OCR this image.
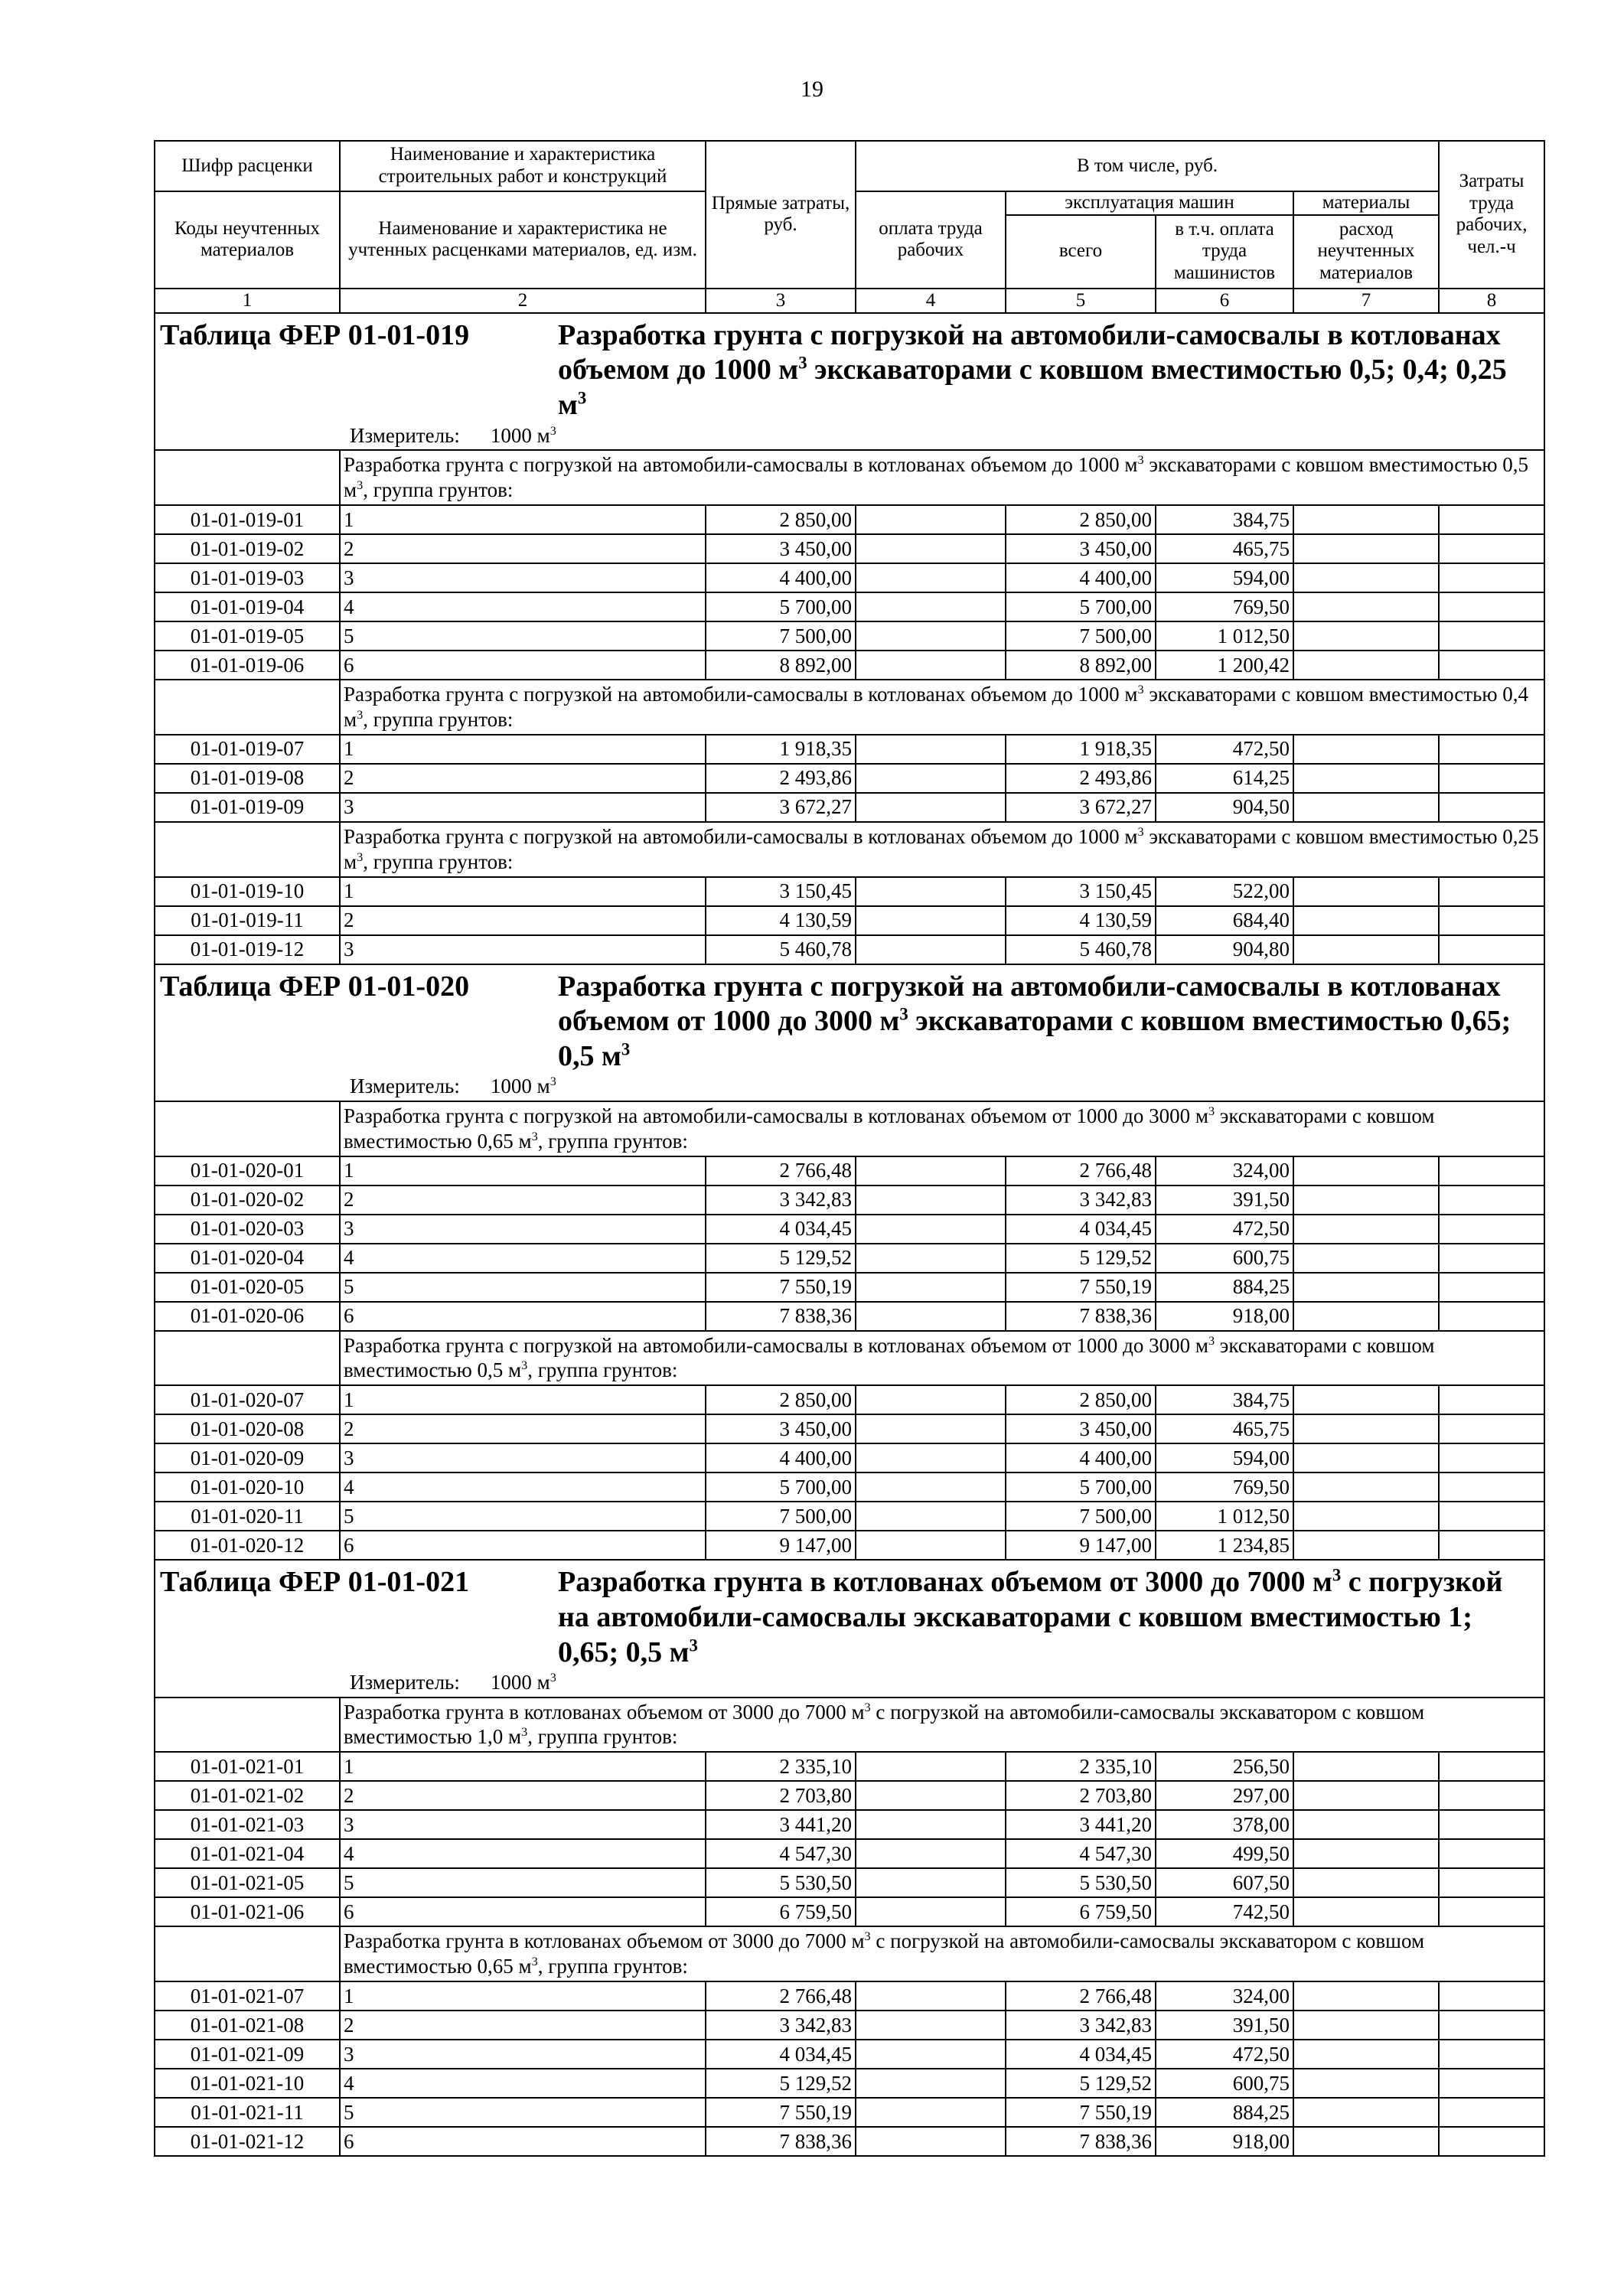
19
Шифр расценки	Наименование и характеристика строительных работ и конструкций	Прямые затраты, руб.	В том числе, руб.				Затраты труда рабочих, чел.-ч
Коды неучтенных материалов	Наименование и характеристика не учтенных расценками материалов, ед. изм.		оплата труда рабочих	эксплуатация машин		материалы	
				всего	в т.ч. оплата труда машинистов	расход неучтенных материалов	
1	2	3	4	5	6	7	8

Таблица ФЕР 01-01-019 Разработка грунта с погрузкой на автомобили-самосвалы в котлованах объемом до 1000 $м^3$ экскаваторами с ковшом вместимостью 0,5; 0,4; 0,25 $м^3$
Измеритель: 1000 $м^3$

	Разработка грунта с погрузкой на автомобили-самосвалы в котлованах объемом до 1000 $м^3$ экскаваторами с ковшом вместимостью 0,5 $м^3$, группа грунтов:						
01-01-019-01	1	2 850,00		2 850,00	384,75		
01-01-019-02	2	3 450,00		3 450,00	465,75		
01-01-019-03	3	4 400,00		4 400,00	594,00		
01-01-019-04	4	5 700,00		5 700,00	769,50		
01-01-019-05	5	7 500,00		7 500,00	1 012,50		
01-01-019-06	6	8 892,00		8 892,00	1 200,42		
	Разработка грунта с погрузкой на автомобили-самосвалы в котлованах объемом до 1000 $м^3$ экскаваторами с ковшом вместимостью 0,4 $м^3$, группа грунтов:						
01-01-019-07	1	1 918,35		1 918,35	472,50		
01-01-019-08	2	2 493,86		2 493,86	614,25		
01-01-019-09	3	3 672,27		3 672,27	904,50		
	Разработка грунта с погрузкой на автомобили-самосвалы в котлованах объемом до 1000 $м^3$ экскаваторами с ковшом вместимостью 0,25 $м^3$, группа грунтов:						
01-01-019-10	1	3 150,45		3 150,45	522,00		
01-01-019-11	2	4 130,59		4 130,59	684,40		
01-01-019-12	3	5 460,78		5 460,78	904,80		

Таблица ФЕР 01-01-020 Разработка грунта с погрузкой на автомобили-самосвалы в котлованах объемом от 1000 до 3000 $м^3$ экскаваторами с ковшом вместимостью 0,65; 0,5 $м^3$
Измеритель: 1000 $м^3$

	Разработка грунта с погрузкой на автомобили-самосвалы в котлованах объемом от 1000 до 3000 $м^3$ экскаваторами с ковшом вместимостью 0,65 $м^3$, группа грунтов:						
01-01-020-01	1	2 766,48		2 766,48	324,00		
01-01-020-02	2	3 342,83		3 342,83	391,50		
01-01-020-03	3	4 034,45		4 034,45	472,50		
01-01-020-04	4	5 129,52		5 129,52	600,75		
01-01-020-05	5	7 550,19		7 550,19	884,25		
01-01-020-06	6	7 838,36		7 838,36	918,00		
	Разработка грунта с погрузкой на автомобили-самосвалы в котлованах объемом от 1000 до 3000 $м^3$ экскаваторами с ковшом вместимостью 0,5 $м^3$, группа грунтов:						
01-01-020-07	1	2 850,00		2 850,00	384,75		
01-01-020-08	2	3 450,00		3 450,00	465,75		
01-01-020-09	3	4 400,00		4 400,00	594,00		
01-01-020-10	4	5 700,00		5 700,00	769,50		
01-01-020-11	5	7 500,00		7 500,00	1 012,50		
01-01-020-12	6	9 147,00		9 147,00	1 234,85		

Таблица ФЕР 01-01-021 Разработка грунта в котлованах объемом от 3000 до 7000 $м^3$ с погрузкой на автомобили-самосвалы экскаваторами с ковшом вместимостью 1; 0,65; 0,5 $м^3$
Измеритель: 1000 $м^3$

	Разработка грунта в котлованах объемом от 3000 до 7000 $м^3$ с погрузкой на автомобили-самосвалы экскаватором с ковшом вместимостью 1,0 $м^3$, группа грунтов:						
01-01-021-01	1	2 335,10		2 335,10	256,50		
01-01-021-02	2	2 703,80		2 703,80	297,00		
01-01-021-03	3	3 441,20		3 441,20	378,00		
01-01-021-04	4	4 547,30		4 547,30	499,50		
01-01-021-05	5	5 530,50		5 530,50	607,50		
01-01-021-06	6	6 759,50		6 759,50	742,50		
	Разработка грунта в котлованах объемом от 3000 до 7000 $м^3$ с погрузкой на автомобили-самосвалы экскаватором с ковшом вместимостью 0,65 $м^3$, группа грунтов:						
01-01-021-07	1	2 766,48		2 766,48	324,00		
01-01-021-08	2	3 342,83		3 342,83	391,50		
01-01-021-09	3	4 034,45		4 034,45	472,50		
01-01-021-10	4	5 129,52		5 129,52	600,75		
01-01-021-11	5	7 550,19		7 550,19	884,25		
01-01-021-12	6	7 838,36		7 838,36	918,00		
